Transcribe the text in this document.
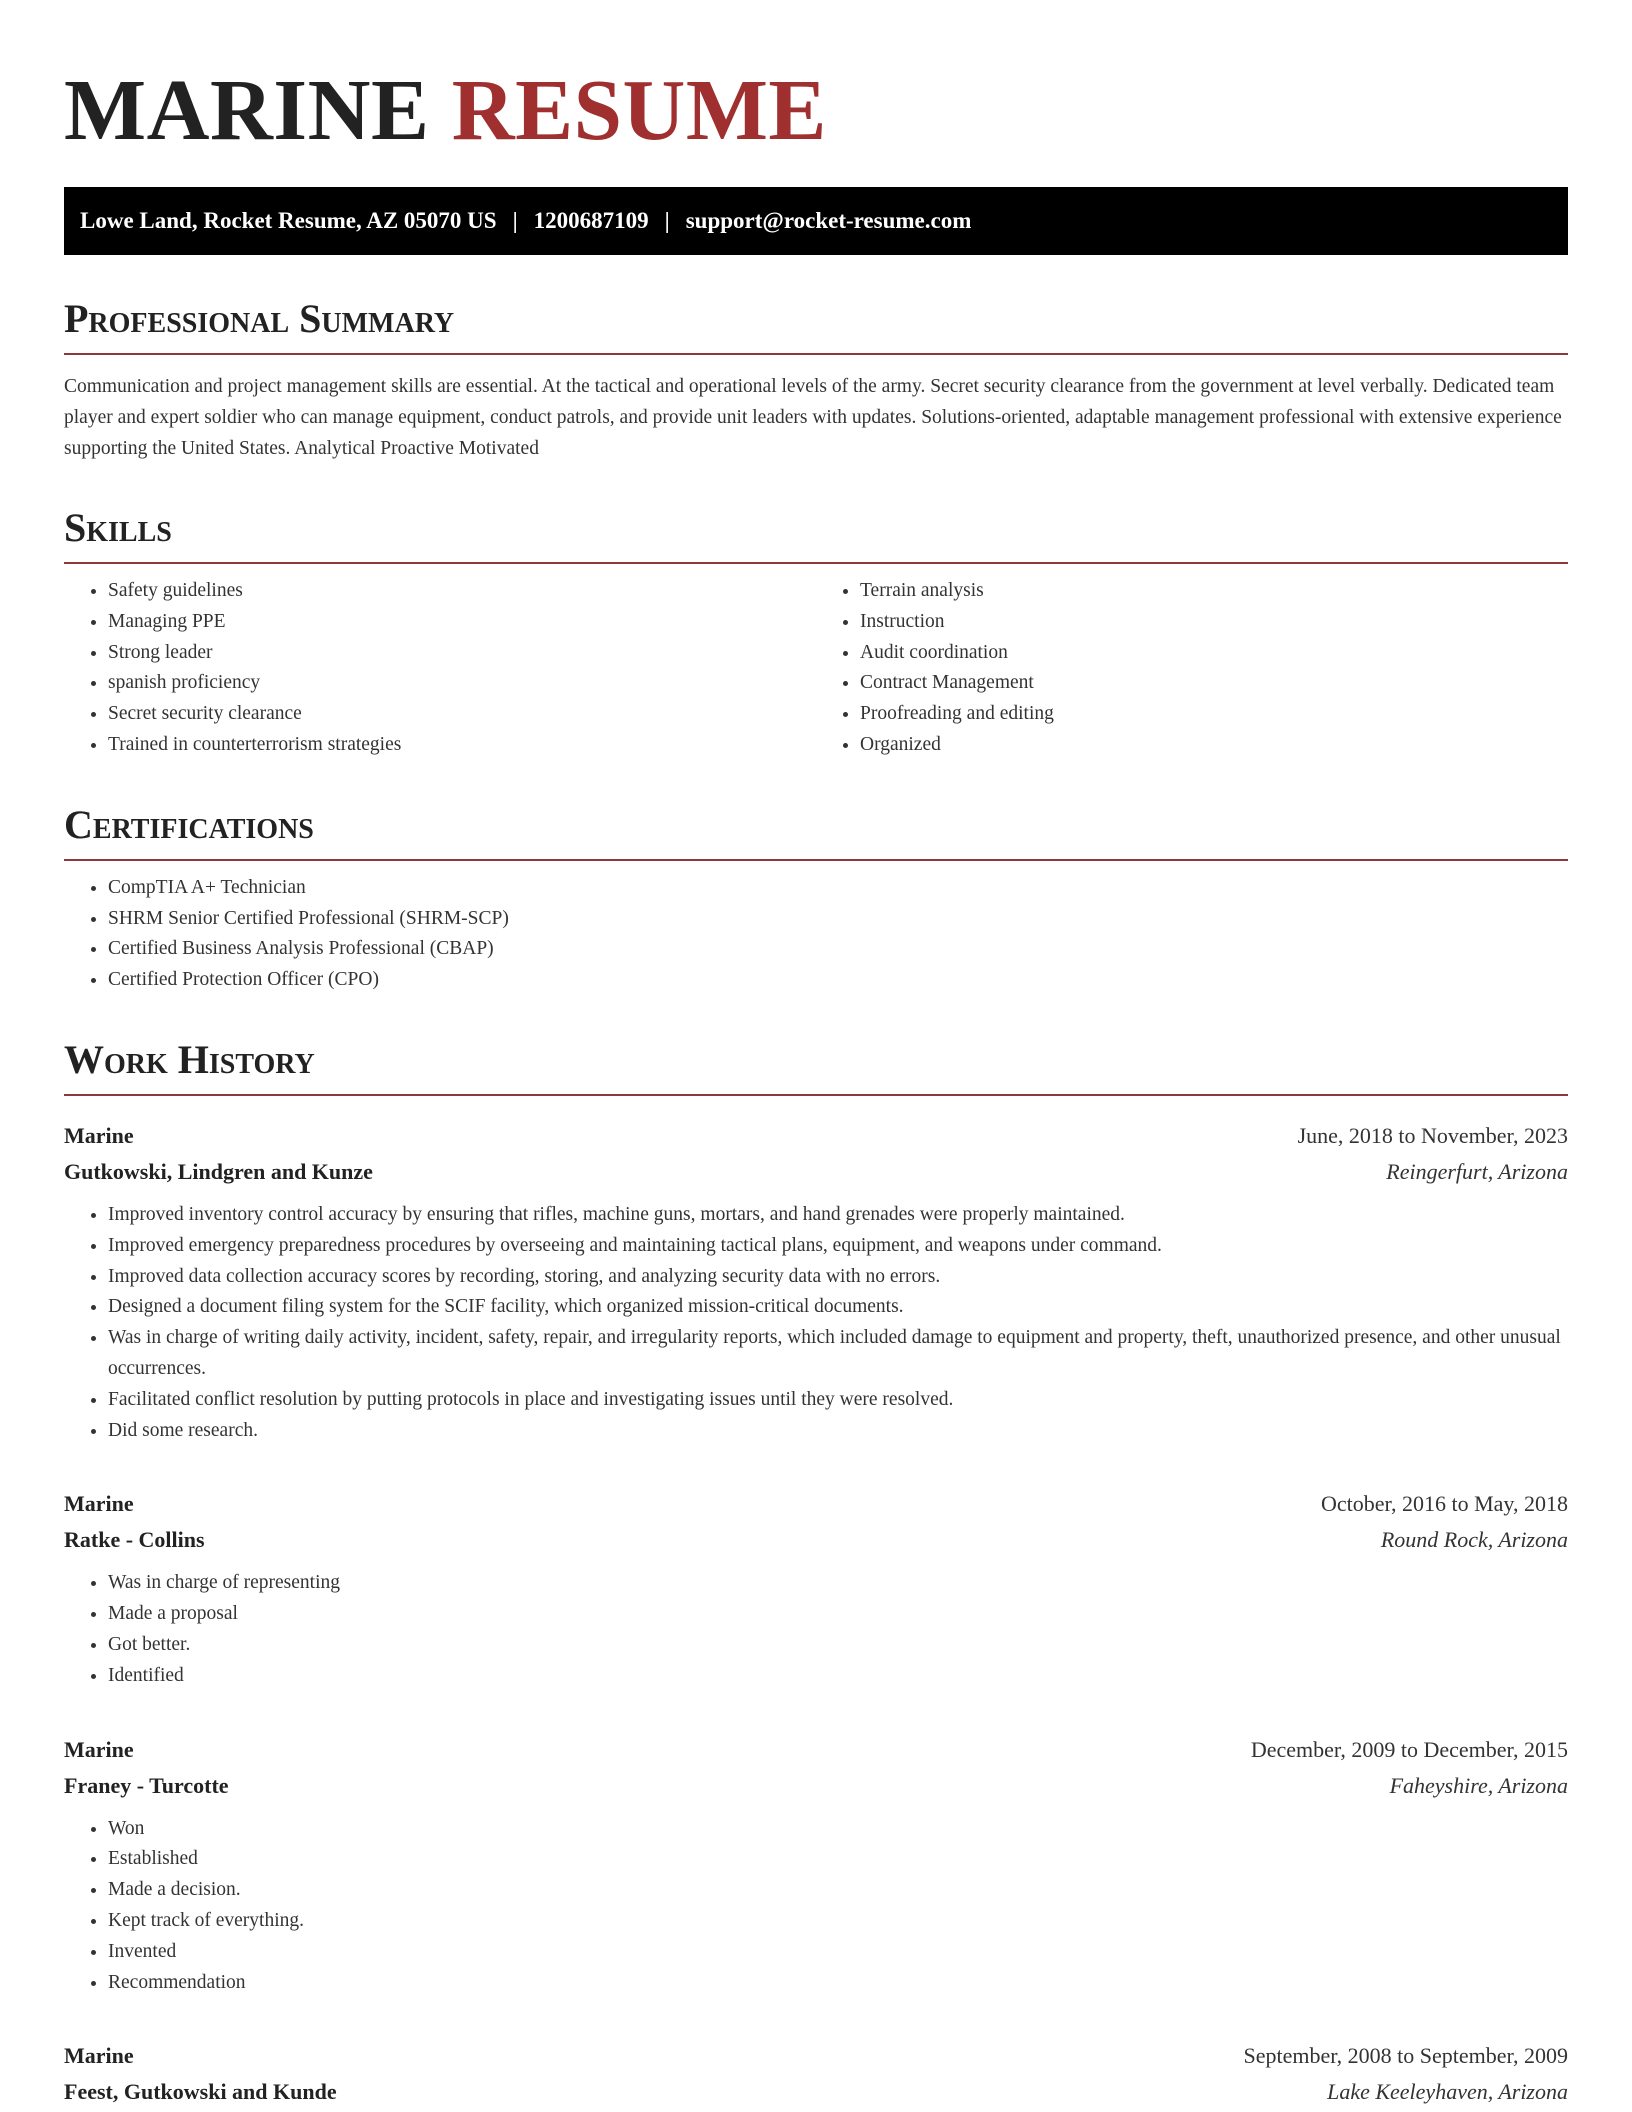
MARINE RESUME
Lowe Land, Rocket Resume, AZ 05070 US | 1200687109 | support@rocket-resume.com
Professional Summary
Communication and project management skills are essential. At the tactical and operational levels of the army. Secret security clearance from the government at level verbally. Dedicated team player and expert soldier who can manage equipment, conduct patrols, and provide unit leaders with updates. Solutions-oriented, adaptable management professional with extensive experience supporting the United States. Analytical Proactive Motivated
Skills
• Safety guidelines
• Managing PPE
• Strong leader
• spanish proficiency
• Secret security clearance
• Trained in counterterrorism strategies
• Terrain analysis
• Instruction
• Audit coordination
• Contract Management
• Proofreading and editing
• Organized
Certifications
• CompTIA A+ Technician
• SHRM Senior Certified Professional (SHRM-SCP)
• Certified Business Analysis Professional (CBAP)
• Certified Protection Officer (CPO)
Work History
Marine	June, 2018 to November, 2023
Gutkowski, Lindgren and Kunze	Reingerfurt, Arizona
• Improved inventory control accuracy by ensuring that rifles, machine guns, mortars, and hand grenades were properly maintained.
• Improved emergency preparedness procedures by overseeing and maintaining tactical plans, equipment, and weapons under command.
• Improved data collection accuracy scores by recording, storing, and analyzing security data with no errors.
• Designed a document filing system for the SCIF facility, which organized mission-critical documents.
• Was in charge of writing daily activity, incident, safety, repair, and irregularity reports, which included damage to equipment and property, theft, unauthorized presence, and other unusual occurrences.
• Facilitated conflict resolution by putting protocols in place and investigating issues until they were resolved.
• Did some research.
Marine	October, 2016 to May, 2018
Ratke - Collins	Round Rock, Arizona
• Was in charge of representing
• Made a proposal
• Got better.
• Identified
Marine	December, 2009 to December, 2015
Franey - Turcotte	Faheyshire, Arizona
• Won
• Established
• Made a decision.
• Kept track of everything.
• Invented
• Recommendation
Marine	September, 2008 to September, 2009
Feest, Gutkowski and Kunde	Lake Keeleyhaven, Arizona
